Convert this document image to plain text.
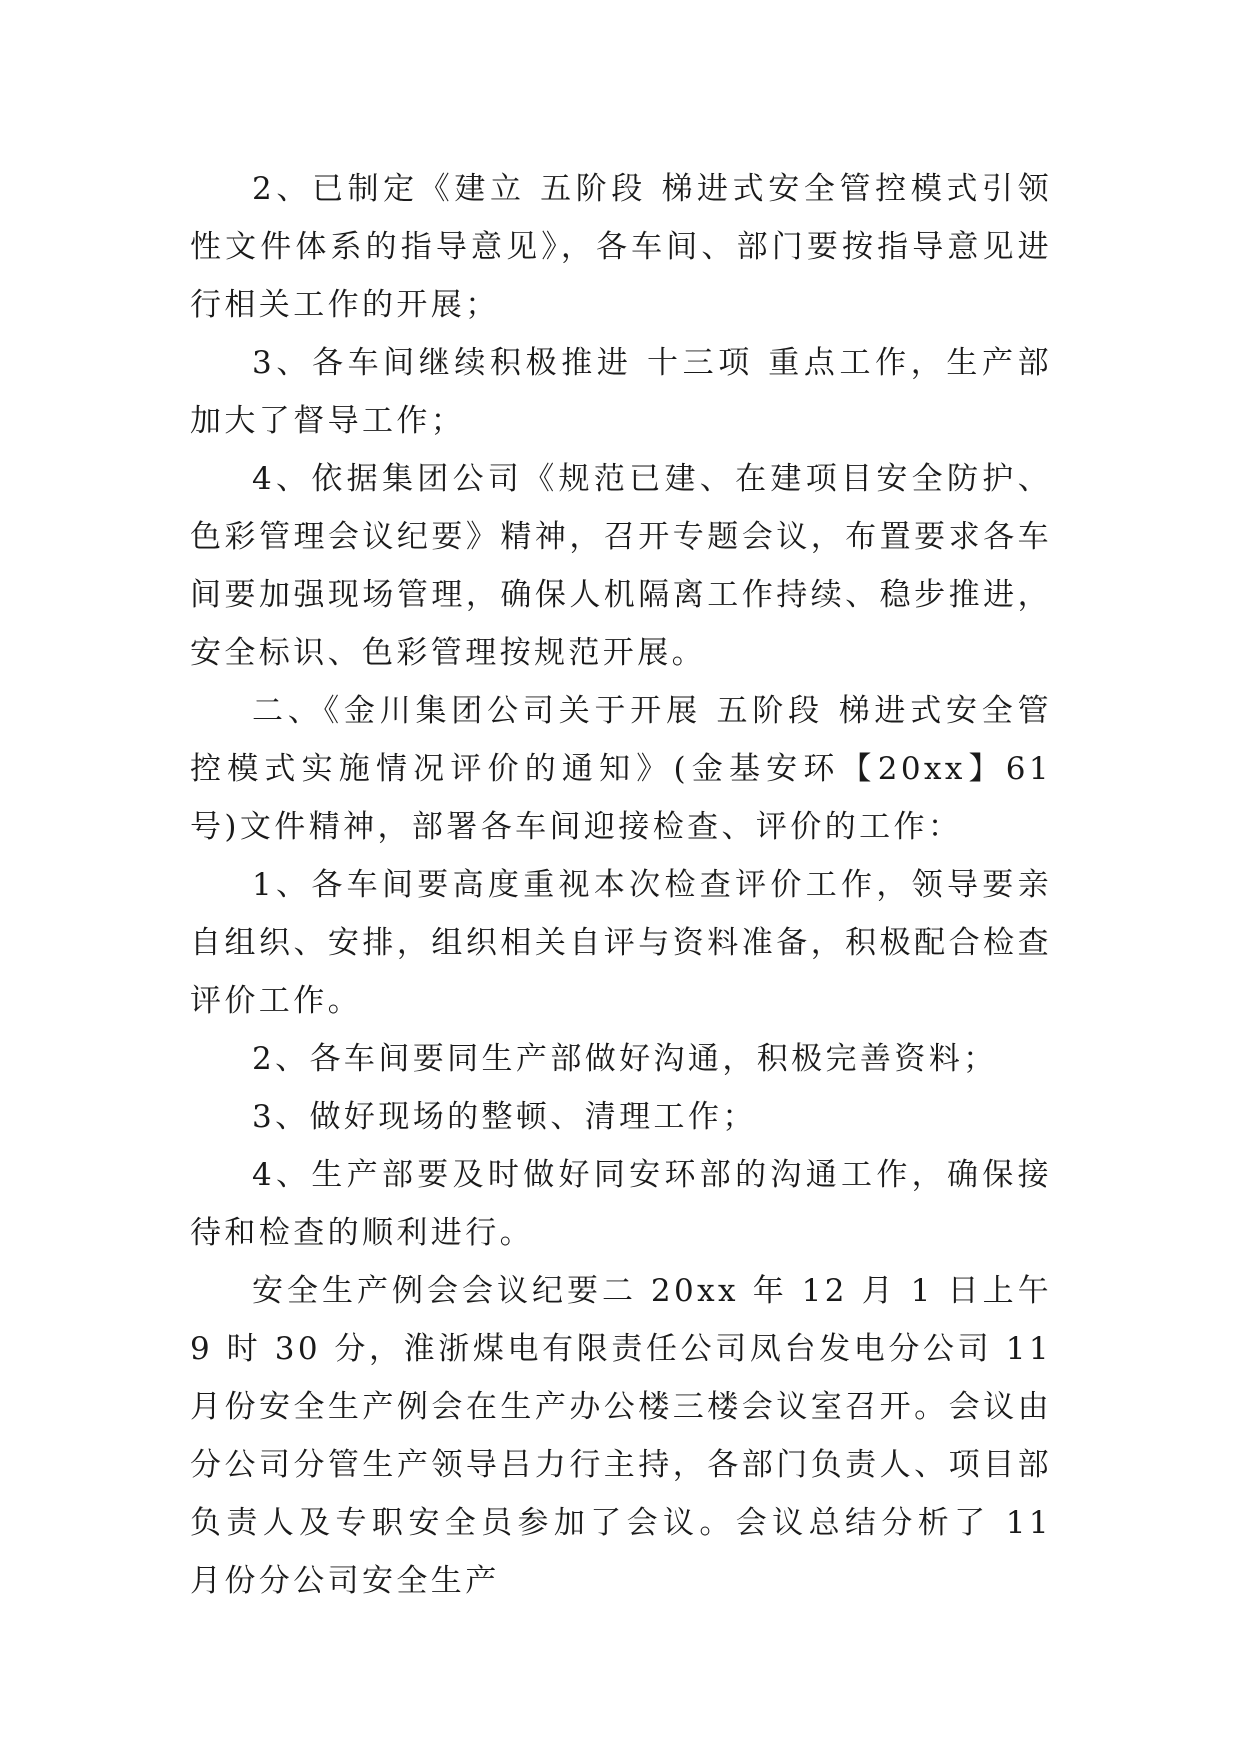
2、已制定《建立 五阶段 梯进式安全管控模式引领性文件体系的指导意见》，各车间、部门要按指导意见进行相关工作的开展；

3、各车间继续积极推进 十三项 重点工作，生产部加大了督导工作；

4、依据集团公司《规范已建、在建项目安全防护、色彩管理会议纪要》精神，召开专题会议，布置要求各车间要加强现场管理，确保人机隔离工作持续、稳步推进，安全标识、色彩管理按规范开展。

二、《金川集团公司关于开展 五阶段 梯进式安全管控模式实施情况评价的通知》(金基安环【20xx】61 号)文件精神，部署各车间迎接检查、评价的工作：

1、各车间要高度重视本次检查评价工作，领导要亲自组织、安排，组织相关自评与资料准备，积极配合检查评价工作。

2、各车间要同生产部做好沟通，积极完善资料；

3、做好现场的整顿、清理工作；

4、生产部要及时做好同安环部的沟通工作，确保接待和检查的顺利进行。

安全生产例会会议纪要二 20xx 年 12 月 1 日上午 9 时 30 分，淮浙煤电有限责任公司凤台发电分公司 11 月份安全生产例会在生产办公楼三楼会议室召开。会议由分公司分管生产领导吕力行主持，各部门负责人、项目部负责人及专职安全员参加了会议。会议总结分析了 11 月份分公司安全生产
